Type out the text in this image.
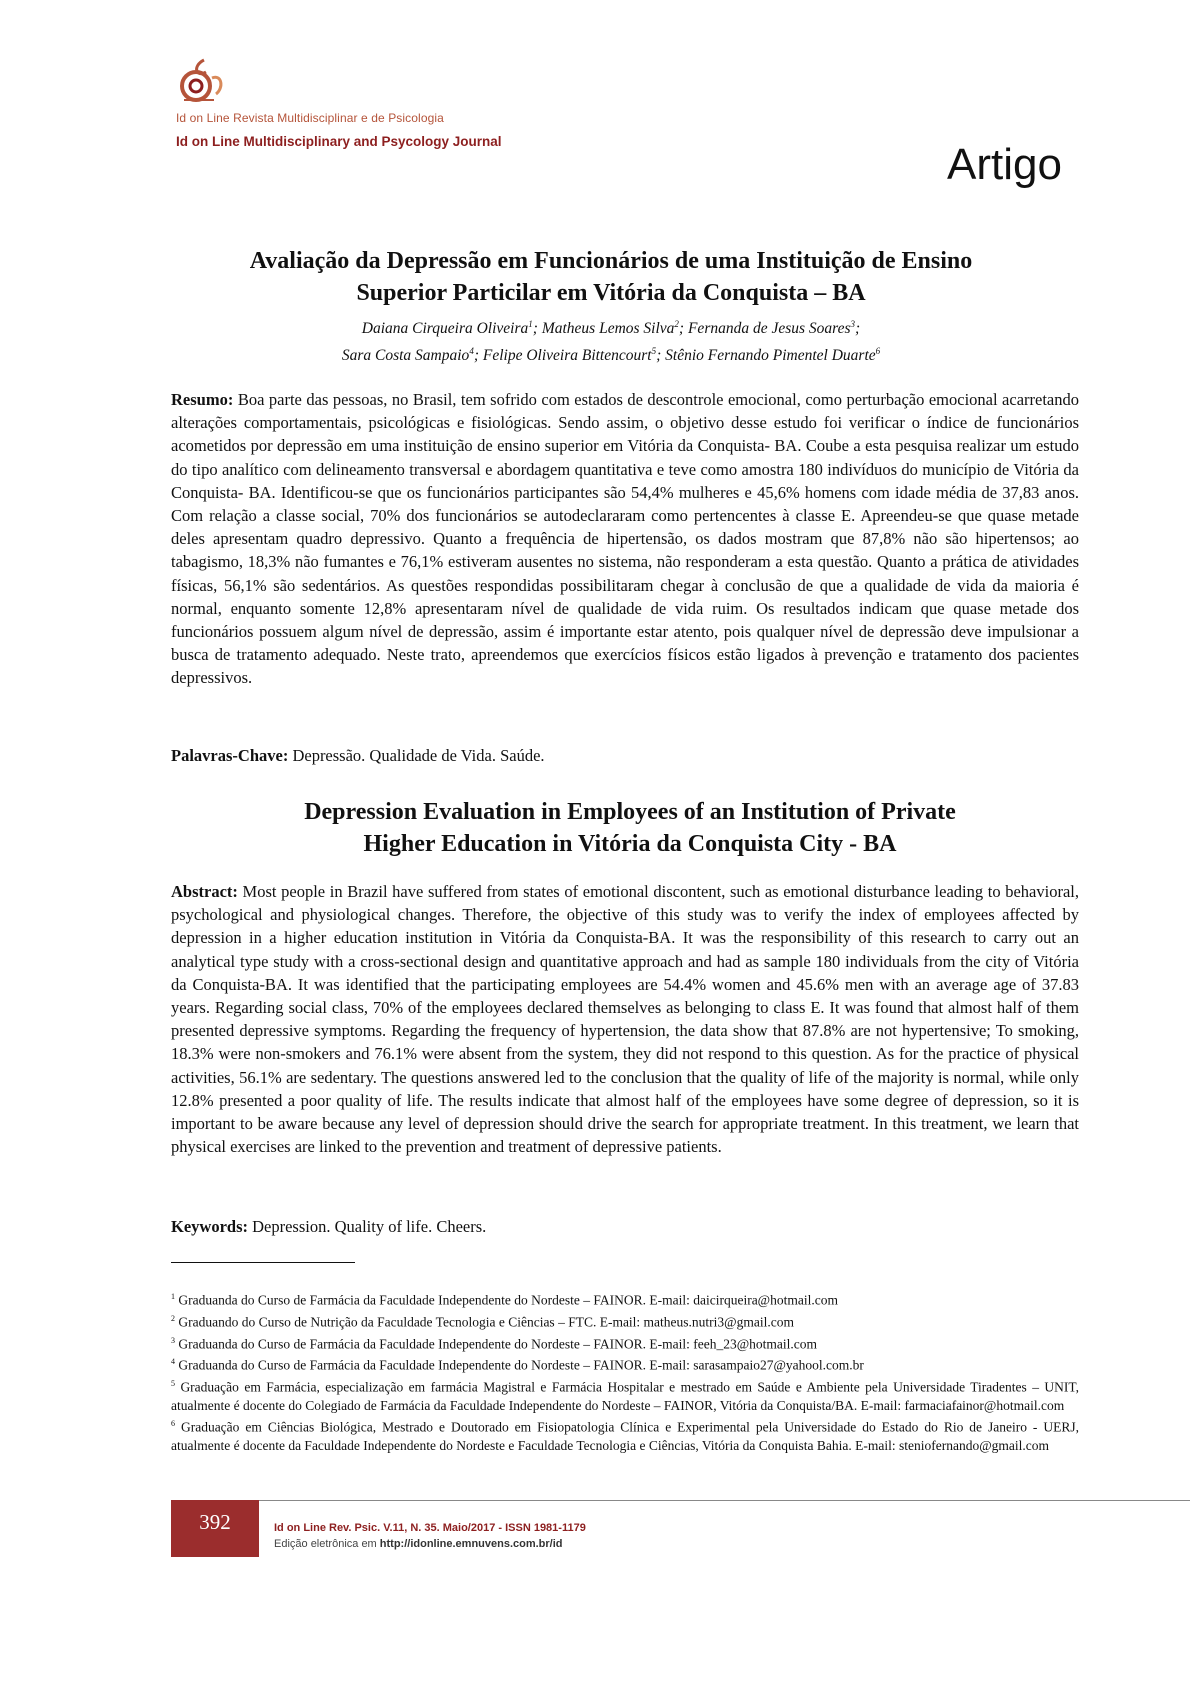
Id on Line Revista Multidisciplinar e de Psicologia
Id on Line Multidisciplinary and Psycology Journal	Artigo
Avaliação da Depressão em Funcionários de uma Instituição de Ensino
Superior Particilar em Vitória da Conquista – BA
Daiana Cirqueira Oliveira$^1$; Matheus Lemos Silva$^2$; Fernanda de Jesus Soares$^3$;
Sara Costa Sampaio$^4$; Felipe Oliveira Bittencourt$^5$; Stênio Fernando Pimentel Duarte$^6$

Resumo: Boa parte das pessoas, no Brasil, tem sofrido com estados de descontrole emocional, como perturbação emocional acarretando alterações comportamentais, psicológicas e fisiológicas. Sendo assim, o objetivo desse estudo foi verificar o índice de funcionários acometidos por depressão em uma instituição de ensino superior em Vitória da Conquista- BA. Coube a esta pesquisa realizar um estudo do tipo analítico com delineamento transversal e abordagem quantitativa e teve como amostra 180 indivíduos do município de Vitória da Conquista- BA. Identificou-se que os funcionários participantes são 54,4% mulheres e 45,6% homens com idade média de 37,83 anos. Com relação a classe social, 70% dos funcionários se autodeclararam como pertencentes à classe E. Apreendeu-se que quase metade deles apresentam quadro depressivo. Quanto a frequência de hipertensão, os dados mostram que 87,8% não são hipertensos; ao tabagismo, 18,3% não fumantes e 76,1% estiveram ausentes no sistema, não responderam a esta questão. Quanto a prática de atividades físicas, 56,1% são sedentários. As questões respondidas possibilitaram chegar à conclusão de que a qualidade de vida da maioria é normal, enquanto somente 12,8% apresentaram nível de qualidade de vida ruim. Os resultados indicam que quase metade dos funcionários possuem algum nível de depressão, assim é importante estar atento, pois qualquer nível de depressão deve impulsionar a busca de tratamento adequado. Neste trato, apreendemos que exercícios físicos estão ligados à prevenção e tratamento dos pacientes depressivos.

Palavras-Chave: Depressão. Qualidade de Vida. Saúde.

Depression Evaluation in Employees of an Institution of Private
Higher Education in Vitória da Conquista City - BA

Abstract: Most people in Brazil have suffered from states of emotional discontent, such as emotional disturbance leading to behavioral, psychological and physiological changes. Therefore, the objective of this study was to verify the index of employees affected by depression in a higher education institution in Vitória da Conquista-BA. It was the responsibility of this research to carry out an analytical type study with a cross-sectional design and quantitative approach and had as sample 180 individuals from the city of Vitória da Conquista-BA. It was identified that the participating employees are 54.4% women and 45.6% men with an average age of 37.83 years. Regarding social class, 70% of the employees declared themselves as belonging to class E. It was found that almost half of them presented depressive symptoms. Regarding the frequency of hypertension, the data show that 87.8% are not hypertensive; To smoking, 18.3% were non-smokers and 76.1% were absent from the system, they did not respond to this question. As for the practice of physical activities, 56.1% are sedentary. The questions answered led to the conclusion that the quality of life of the majority is normal, while only 12.8% presented a poor quality of life. The results indicate that almost half of the employees have some degree of depression, so it is important to be aware because any level of depression should drive the search for appropriate treatment. In this treatment, we learn that physical exercises are linked to the prevention and treatment of depressive patients.

Keywords: Depression. Quality of life. Cheers.

$^1$ Graduanda do Curso de Farmácia da Faculdade Independente do Nordeste – FAINOR. E-mail: daicirqueira@hotmail.com

$^2$ Graduando do Curso de Nutrição da Faculdade Tecnologia e Ciências – FTC. E-mail: matheus.nutri3@gmail.com

$^3$ Graduanda do Curso de Farmácia da Faculdade Independente do Nordeste – FAINOR. E-mail: feeh_23@hotmail.com

$^4$ Graduanda do Curso de Farmácia da Faculdade Independente do Nordeste – FAINOR. E-mail: sarasampaio27@yahool.com.br

$^5$ Graduação em Farmácia, especialização em farmácia Magistral e Farmácia Hospitalar e mestrado em Saúde e Ambiente pela Universidade Tiradentes – UNIT, atualmente é docente do Colegiado de Farmácia da Faculdade Independente do Nordeste – FAINOR, Vitória da Conquista/BA. E-mail: farmaciafainor@hotmail.com

$^6$ Graduação em Ciências Biológica, Mestrado e Doutorado em Fisiopatologia Clínica e Experimental pela Universidade do Estado do Rio de Janeiro - UERJ, atualmente é docente da Faculdade Independente do Nordeste e Faculdade Tecnologia e Ciências, Vitória da Conquista Bahia. E-mail: steniofernando@gmail.com

392	Id on Line Rev. Psic. V.11, N. 35. Maio/2017 - ISSN 1981-1179
Edição eletrônica em http://idonline.emnuvens.com.br/id
